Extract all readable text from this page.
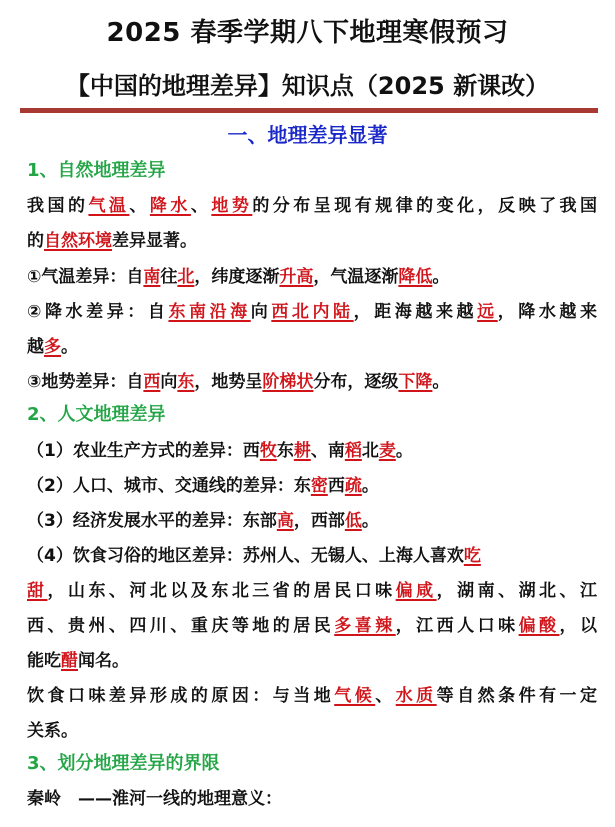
2025 春季学期八下地理寒假预习
【中国的地理差异】知识点（2025 新课改）
一、地理差异显著
1、自然地理差异
我国的气温、降水、地势的分布呈现有规律的变化，反映了我国
的自然环境差异显著。
①气温差异：自南往北，纬度逐渐升高，气温逐渐降低。
②降水差异：自东南沿海向西北内陆，距海越来越远，降水越来
越多。
③地势差异：自西向东，地势呈阶梯状分布，逐级下降。
2、人文地理差异
（1）农业生产方式的差异：西牧东耕、南稻北麦。
（2）人口、城市、交通线的差异：东密西疏。
（3）经济发展水平的差异：东部高，西部低。
（4）饮食习俗的地区差异：苏州人、无锡人、上海人喜欢吃
甜，山东、河北以及东北三省的居民口味偏咸，湖南、湖北、江
西、贵州、四川、重庆等地的居民多喜辣，江西人口味偏酸，以
能吃醋闻名。
饮食口味差异形成的原因：与当地气候、水质等自然条件有一定
关系。
3、划分地理差异的界限
秦岭　——淮河一线的地理意义：
